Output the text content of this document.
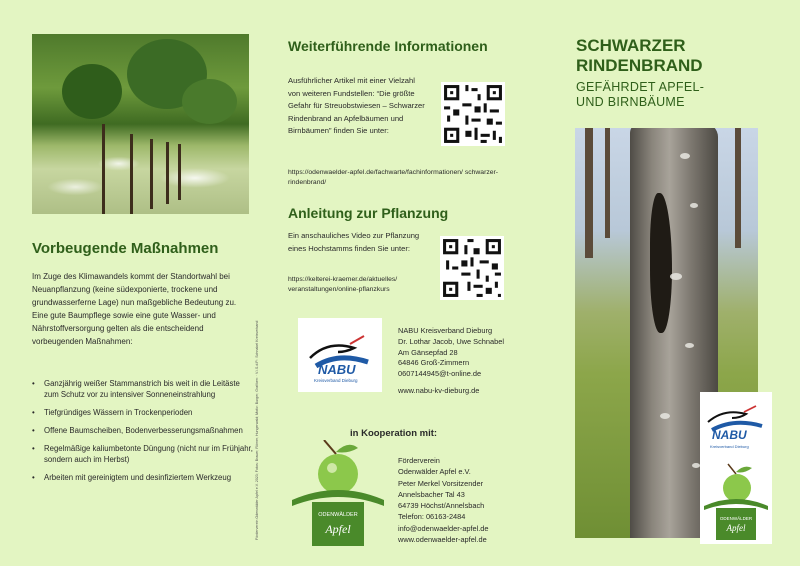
Vorbeugende Maßnahmen
Im Zuge des Klimawandels kommt der Standortwahl bei Neuanpflanzung (keine südexponierte, trockene und grundwasserferne Lage) nun maßgebliche Bedeutung zu. Eine gute Baumpflege sowie eine gute Wasser- und Nährstoffversorgung gelten als die entscheidend vorbeugenden Maßnahmen:
• Ganzjährig weißer Stammanstrich bis weit in die Leitäste zum Schutz vor zu intensiver Sonneneinstrahlung
• Tiefgründiges Wässern in Trockenperioden
• Offene Baumscheiben, Bodenverbesserungsmaßnahmen
• Regelmäßige kaliumbetonte Düngung (nicht nur im Frühjahr, sondern auch im Herbst)
• Arbeiten mit gereinigtem und desinfiziertem Werkzeug	Förderverein Odenwälder Apfel e.V. 2023; Fotos: Brauer, Römer, Hungerwald; Motiv: Burger, Grafiken: · V.i.S.d.P.: Schnabel Kreisverband
Weiterführende Informationen
Ausführlicher Artikel mit einer Vielzahl von weiteren Fundstellen: “Die größte Gefahr für Streuobstwiesen – Schwarzer Rindenbrand an Apfelbäumen und Birnbäumen” finden Sie unter:
https://odenwaelder-apfel.de/fachwarte/fachinformationen/ schwarzer-rindenbrand/
Anleitung zur Pflanzung
Ein anschauliches Video zur Pflanzung eines Hochstamms finden Sie unter:
https://kelterei-kraemer.de/aktuelles/ veranstaltungen/online-pflanzkurs
NABU
Kreisverband Dieburg
NABU Kreisverband Dieburg
Dr. Lothar Jacob, Uwe Schnabel
Am Gänsepfad 28
64846 Groß-Zimmern
0607144945@t-online.de
www.nabu-kv-dieburg.de
in Kooperation mit:
ODENWÄLDER
Apfel
Förderverein
Odenwälder Apfel e.V.
Peter Merkel Vorsitzender
Annelsbacher Tal 43
64739 Höchst/Annelsbach
Telefon: 06163-2484
info@odenwaelder-apfel.de
www.odenwaelder-apfel.de
SCHWARZER
RINDENBRAND
GEFÄHRDET APFEL-
UND BIRNBÄUME
NABU
Kreisverband Dieburg
ODENWÄLDER
Apfel
